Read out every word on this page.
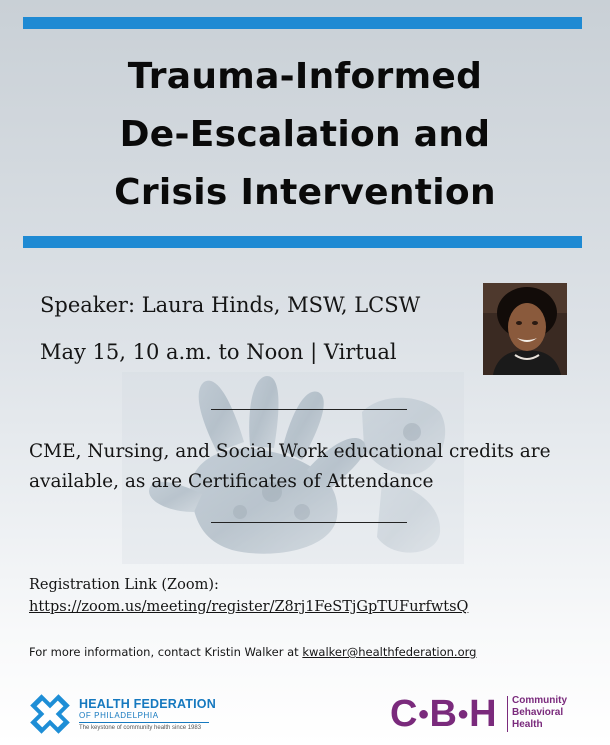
Trauma-Informed
De-Escalation and
Crisis Intervention
Speaker: Laura Hinds, MSW, LCSW
May 15, 10 a.m. to Noon | Virtual
CME, Nursing, and Social Work educational credits are available, as are Certificates of Attendance
Registration Link (Zoom):
https://zoom.us/meeting/register/Z8rj1FeSTjGpTUFurfwtsQ
For more information, contact Kristin Walker at kwalker@healthfederation.org
HEALTH FEDERATION
OF PHILADELPHIA
The keystone of community health since 1983	C●B●H Community
Behavioral
Health
